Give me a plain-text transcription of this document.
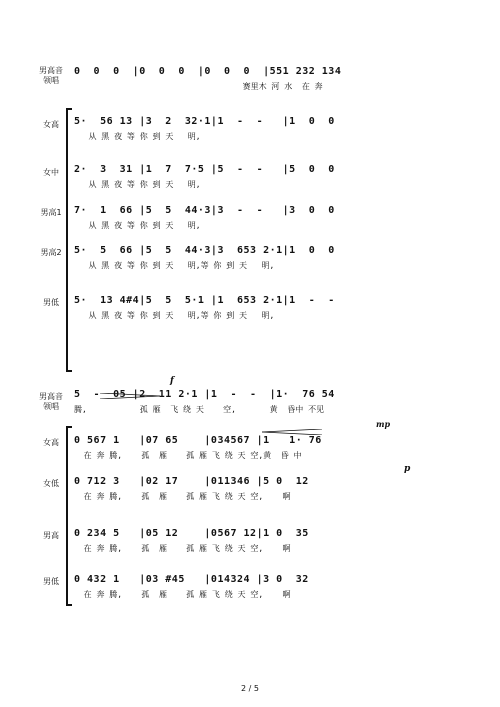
男高音
领唱
0  0  0  |0  0  0  |0  0  0  |551 232 134
赛里木 河 水  在 奔
女高	5·  56 13 |3  2  32·1|1  -  -   |1  0  0
从 黑 夜 等 你 到 天   明,
女中	2·  3  31 |1  7  7·5 |5  -  -   |5  0  0
从 黑 夜 等 你 到 天   明,
男高1	7·  1  66 |5  5  44·3|3  -  -   |3  0  0
从 黑 夜 等 你 到 天   明,
男高2	5·  5  66 |5  5  44·3|3  653 2·1|1  0  0
从 黑 夜 等 你 到 天   明,等 你 到 天   明,
男低	5·  13 4#4|5  5  5·1 |1  653 2·1|1  -  -
从 黑 夜 等 你 到 天   明,等 你 到 天   明,
f
mp
p
男高音
领唱
5  -  05 |2  11 2·1 |1  -  -  |1·  76 54
腾,           孤 雁  飞 绕 天    空,       黄  昏中 不见
女高	0 567 1   |07 65    |034567 |1   1· 76
在 奔 腾,    孤  雁    孤 雁 飞 绕 天 空,黄  昏 中
女低	0 712 3   |02 17    |011346 |5 0  12
在 奔 腾,    孤  雁    孤 雁 飞 绕 天 空,    啊
男高	0 234 5   |05 12    |0567 12|1 0  35
在 奔 腾,    孤  雁    孤 雁 飞 绕 天 空,    啊
男低	0 432 1   |03 #45   |014324 |3 0  32
在 奔 腾,    孤  雁    孤 雁 飞 绕 天 空,    啊
2 / 5
